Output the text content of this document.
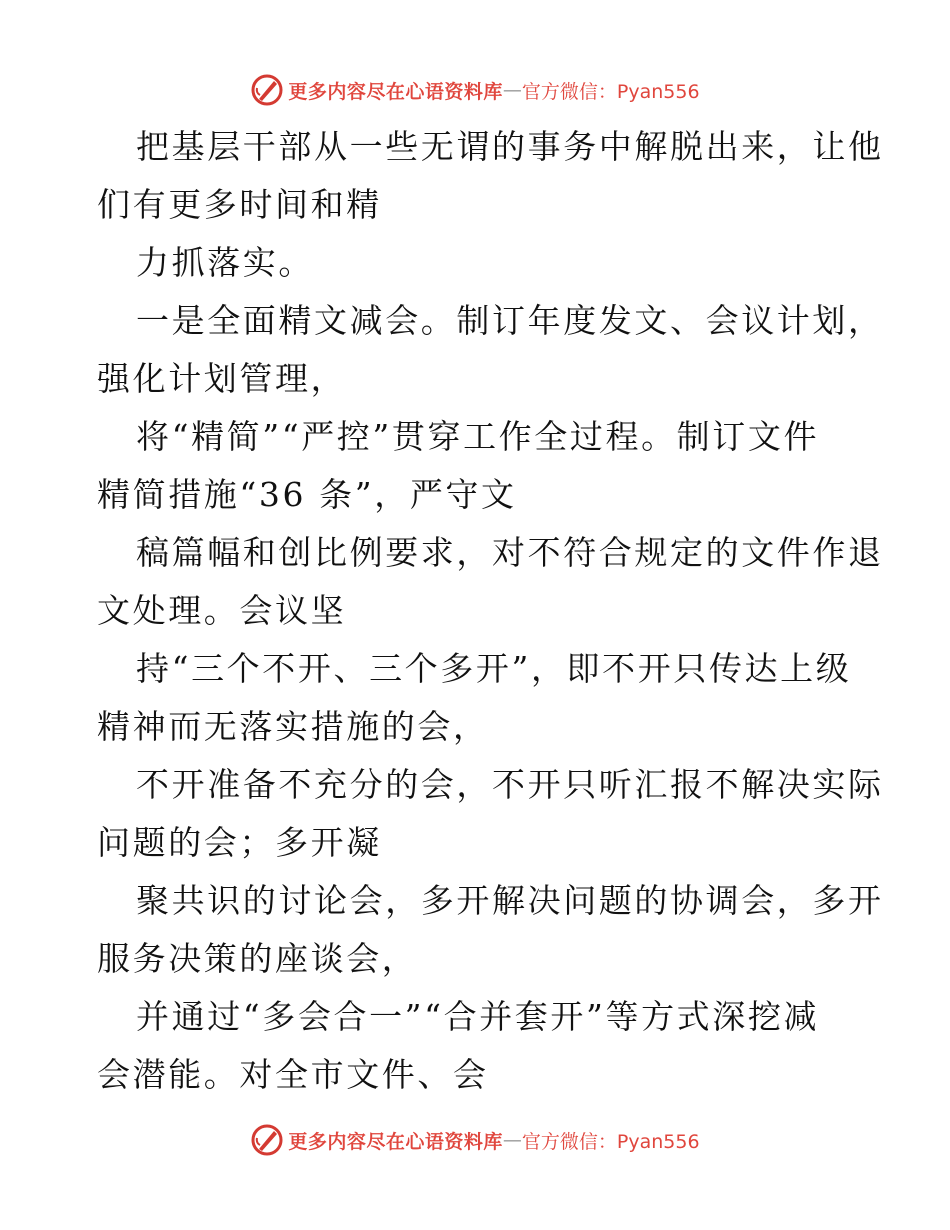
更多内容尽在心语资料库 — 官方微信：Pyan556
把基层干部从一些无谓的事务中解脱出来，让他
们有更多时间和精
力抓落实。
一是全面精文减会。制订年度发文、会议计划，
强化计划管理，
将“精简”“严控”贯穿工作全过程。制订文件
精简措施“36 条”，严守文
稿篇幅和创比例要求，对不符合规定的文件作退
文处理。会议坚
持“三个不开、三个多开”，即不开只传达上级
精神而无落实措施的会，
不开准备不充分的会，不开只听汇报不解决实际
问题的会；多开凝
聚共识的讨论会，多开解决问题的协调会，多开
服务决策的座谈会，
并通过“多会合一”“合并套开”等方式深挖减
会潜能。对全市文件、会
更多内容尽在心语资料库 — 官方微信：Pyan556
